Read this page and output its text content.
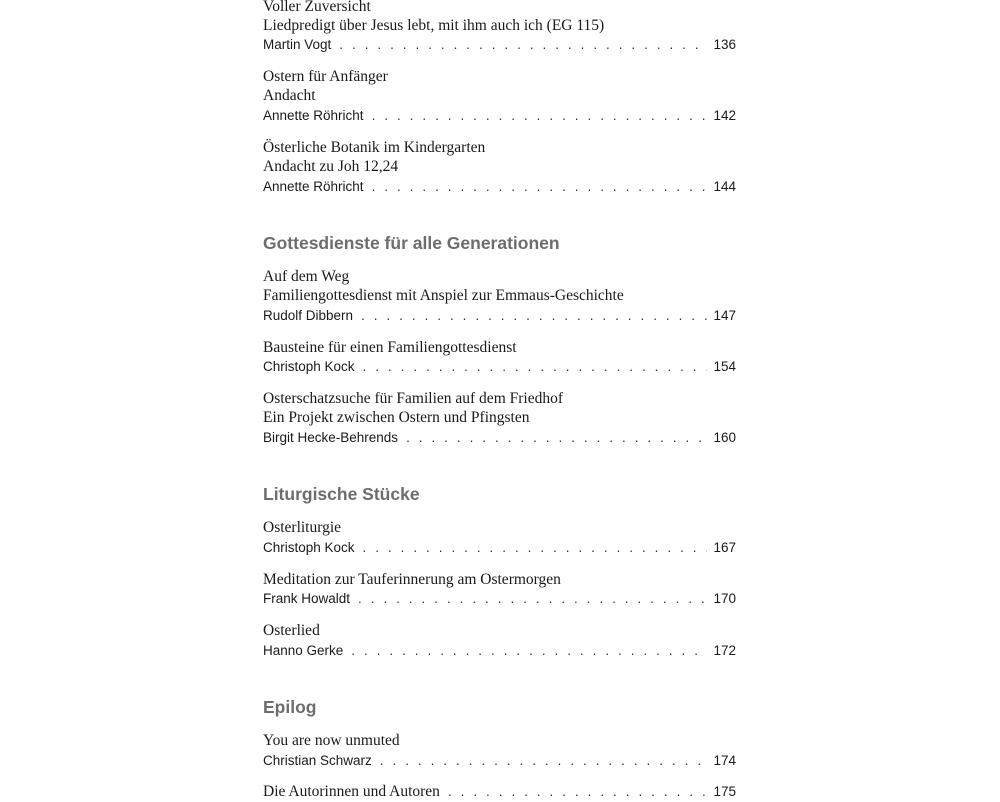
Voller Zuversicht
Liedpredigt über Jesus lebt, mit ihm auch ich (EG 115)
Martin Vogt . . .	136
Ostern für Anfänger
Andacht
Annette Röhricht . . .	142
Österliche Botanik im Kindergarten
Andacht zu Joh 12,24
Annette Röhricht . . .	144
Gottesdienste für alle Generationen
Auf dem Weg
Familiengottesdienst mit Anspiel zur Emmaus-Geschichte
Rudolf Dibbern . . .	147
Bausteine für einen Familiengottesdienst
Christoph Kock . . .	154
Osterschatzsuche für Familien auf dem Friedhof
Ein Projekt zwischen Ostern und Pfingsten
Birgit Hecke-Behrends . . .	160
Liturgische Stücke
Osterliturgie
Christoph Kock . . .	167
Meditation zur Tauferinnerung am Ostermorgen
Frank Howaldt . . .	170
Osterlied
Hanno Gerke . . .	172
Epilog
You are now unmuted
Christian Schwarz . . .	174
Die Autorinnen und Autoren . . .	175
